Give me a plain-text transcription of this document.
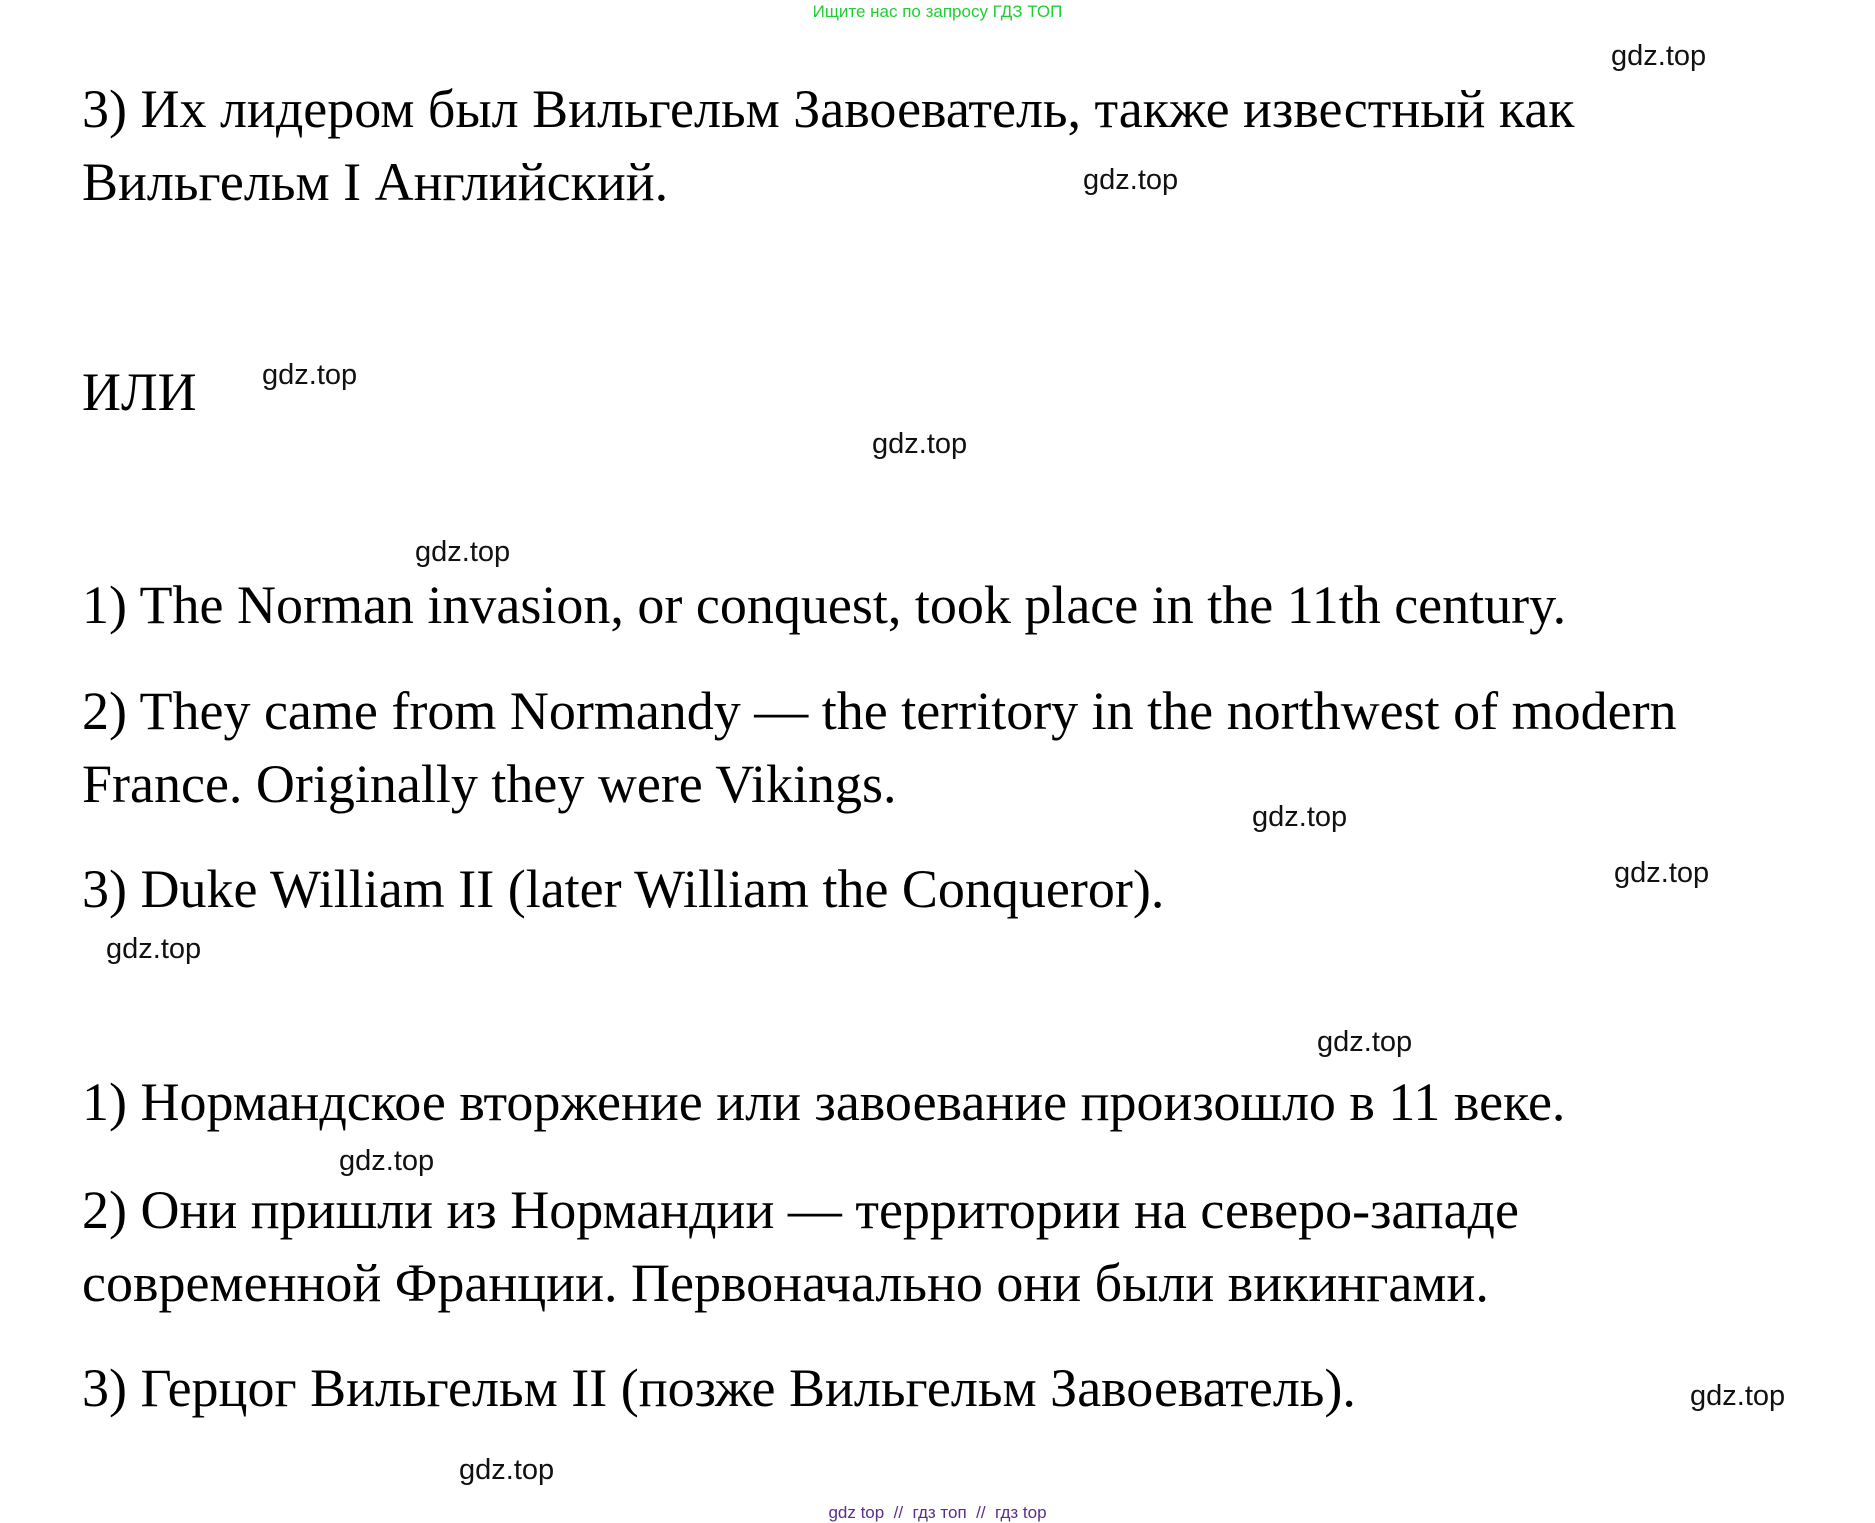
Ищите нас по запросу ГДЗ ТОП
3) Их лидером был Вильгельм Завоеватель, также известный как
Вильгельм I Английский.
ИЛИ
1) The Norman invasion, or conquest, took place in the 11th century.
2) They came from Normandy — the territory in the northwest of modern
France. Originally they were Vikings.
3) Duke William II (later William the Conqueror).
1) Нормандское вторжение или завоевание произошло в 11 веке.
2) Они пришли из Нормандии — территории на северо-западе
современной Франции. Первоначально они были викингами.
3) Герцог Вильгельм II (позже Вильгельм Завоеватель).
gdz.top
gdz.top
gdz.top
gdz.top
gdz.top
gdz.top
gdz.top
gdz.top
gdz.top
gdz.top
gdz.top
gdz.top
gdz top  //  гдз топ  //  гдз top
